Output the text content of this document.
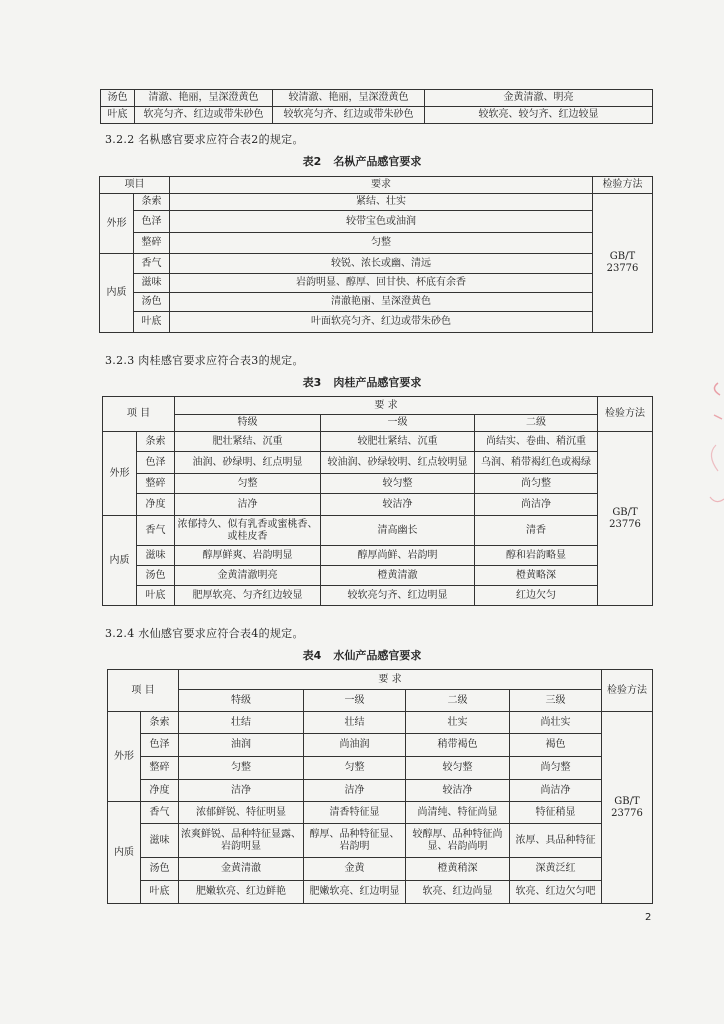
汤色	清澈、艳丽，呈深澄黄色	较清澈、艳丽，呈深澄黄色	金黄清澈、明亮
叶底	软亮匀齐、红边或带朱砂色	较软亮匀齐、红边或带朱砂色	较软亮、较匀齐、红边较显
3.2.2 名枞感官要求应符合表2的规定。
表2 名枞产品感官要求
项目		要求	检验方法
外形	条索	紧结、壮实	GB/T 23776
	色泽	较带宝色或油润	
	整碎	匀整	
内质	香气	较锐、浓长或幽、清远	
	滋味	岩韵明显、醇厚、回甘快、杯底有余香	
	汤色	清澈艳丽、呈深澄黄色	
	叶底	叶面软亮匀齐、红边或带朱砂色	
3.2.3 肉桂感官要求应符合表3的规定。
表3 肉桂产品感官要求
项 目		要 求			检验方法
		特级	一级	二级	
外形	条索	肥壮紧结、沉重	较肥壮紧结、沉重	尚结实、卷曲、稍沉重	GB/T 23776
	色泽	油润、砂绿明、红点明显	较油润、砂绿较明、红点较明显	乌润、稍带褐红色或褐绿	
	整碎	匀整	较匀整	尚匀整	
	净度	洁净	较洁净	尚洁净	
内质	香气	浓郁持久、似有乳香或蜜桃香、或桂皮香	清高幽长	清香	
	滋味	醇厚鲜爽、岩韵明显	醇厚尚鲜、岩韵明	醇和岩韵略显	
	汤色	金黄清澈明亮	橙黄清澈	橙黄略深	
	叶底	肥厚软亮、匀齐红边较显	较软亮匀齐、红边明显	红边欠匀	
3.2.4 水仙感官要求应符合表4的规定。
表4 水仙产品感官要求
项 目		要 求				检验方法
		特级	一级	二级	三级	
外形	条索	壮结	壮结	壮实	尚壮实	GB/T 23776
	色泽	油润	尚油润	稍带褐色	褐色	
	整碎	匀整	匀整	较匀整	尚匀整	
	净度	洁净	洁净	较洁净	尚洁净	
内质	香气	浓郁鲜锐、特征明显	清香特征显	尚清纯、特征尚显	特征稍显	
	滋味	浓爽鲜锐、品种特征显露、岩韵明显	醇厚、品种特征显、岩韵明	较醇厚、品种特征尚显、岩韵尚明	浓厚、具品种特征	
	汤色	金黄清澈	金黄	橙黄稍深	深黄泛红	
	叶底	肥嫩软亮、红边鲜艳	肥嫩软亮、红边明显	软亮、红边尚显	软亮、红边欠匀吧	
2
